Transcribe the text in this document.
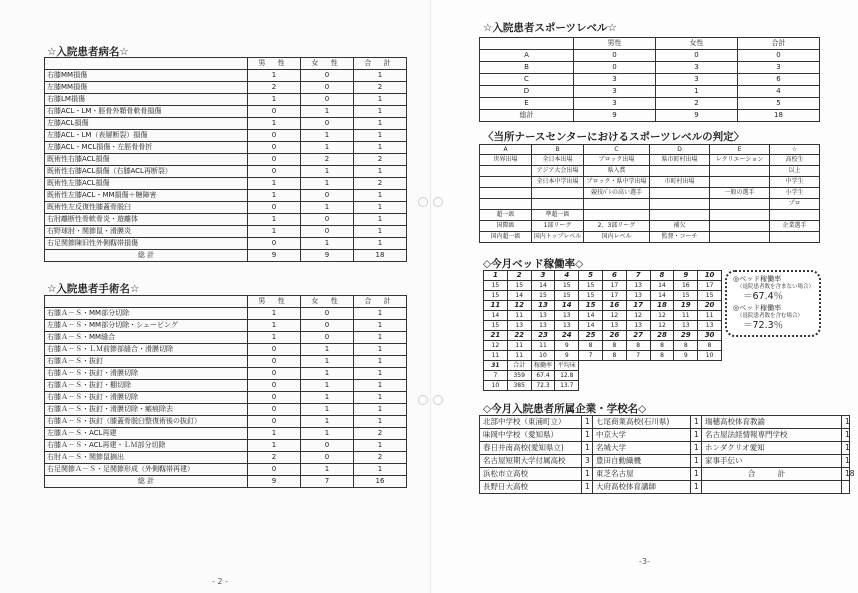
☆入院患者病名☆
	男 性	女 性	合 計
右膝MM損傷	1	0	1
左膝MM損傷	2	0	2
右膝LM損傷	1	0	1
右膝ACL・LM・脛骨外顆骨軟骨損傷	0	1	1
左膝ACL損傷	1	0	1
左膝ACL・LM（表層断裂）損傷	0	1	1
左膝ACL・MCL損傷・左脛骨骨折	0	1	1
既術性右膝ACL損傷	0	2	2
既術性右膝ACL損傷（右膝ACL再断裂）	0	1	1
既術性左膝ACL損傷	1	1	2
既術性左膝ACL・MM損傷＋糖障害	1	0	1
既術性左反復性膝蓋骨脱臼	0	1	1
右肘離断性骨軟骨炎・遊離体	1	0	1
右野球肘・関節鼠・滑膜炎	1	0	1
右足関節陳旧性外側靱帯損傷	0	1	1
総 計	9	9	18
☆入院患者手術名☆
	男 性	女 性	合 計
右膝Ａ－Ｓ・MM部分切除	1	0	1
左膝Ａ－Ｓ・MM部分切除・シェービング	1	0	1
右膝Ａ－Ｓ・MM縫合	1	0	1
右膝Ａ－Ｓ・ＬＭ前節部縫合・滑膜切除	0	1	1
右膝Ａ－Ｓ・抜釘	0	1	1
右膝Ａ－Ｓ・抜釘・滑膜切除	0	1	1
右膝Ａ－Ｓ・抜釘・棚切除	0	1	1
右膝Ａ－Ｓ・抜釘・滑膜切除	0	1	1
右膝Ａ－Ｓ・抜釘・滑膜切除・瘢痕除去	0	1	1
右膝Ａ－Ｓ・抜釘（膝蓋骨脱臼整復術後の抜釘）	0	1	1
左膝Ａ－Ｓ・ACL再建	1	1	2
右膝Ａ－Ｓ・ACL再建・ＬＭ部分切除	1	0	1
右肘Ａ－Ｓ・関節鼠摘出	2	0	2
右足関節Ａ－Ｓ・足関節形成（外側靱帯再建）	0	1	1
総 計	9	7	16
- 2 -
☆入院患者スポーツレベル☆
	男性	女性	合計
A	0	0	0
B	0	3	3
C	3	3	6
D	3	1	4
E	3	2	5
総計	9	9	18
〈当所ナースセンターにおけるスポーツレベルの判定〉
A	B	C	D	E	☆
世界出場	全日本出場	ブロック出場	県市町村出場	レクリエーション	高校生
	アジア大会出場	県入賞			以上
	全日本中学出場	ブロック・県中学出場	市町村出場		中学生
		競技ﾊﾞﾚの高い選手		一般の選手	小学生
					プロ
超一級	準超一級				
国際級	1部リーグ	2、3部リーグ	補欠		企業選手
国内超一級	国内トップレベル	国内レベル	監督・コーチ		
◇今月ベッド稼働率◇
1	2	3	4	5	6	7	8	9	10
15	15	14	15	15	17	13	14	16	17
15	14	15	15	15	17	13	14	15	15
11	12	13	14	15	16	17	18	19	20
14	11	13	13	14	12	12	12	11	11
15	13	13	13	14	13	13	12	13	13
21	22	23	24	25	26	27	28	29	30
12	11	11	9	8	8	8	8	8	8
11	11	10	9	7	8	7	8	9	10
31	合計	稼働率	平均床						
7	359	67.4	12.8						
10	385	72.3	13.7						
◎ベッド稼働率
（退院患者数を含まない場合）
＝67.4％
◎ベッド稼働率
（退院患者数を含む場合）
＝72.3％
◇今月入院患者所属企業・学校名◇
北部中学校（東浦町立）	1	七尾商業高校(石川県)	1	瑞穂高校体育教諭	1
味岡中学校（愛知県）	1	中京大学	1	名古屋法経情報専門学校	1
春日井南高校(愛知県立)	1	名城大学	1	ホンダクリオ愛知	1
名古屋短期大学付属高校	3	豊田自動織機	1	家事手伝い	1
浜松市立高校	1	東芝名古屋	1	合 計	18
長野日大高校	1	大府高校体育講師	1		
-3-
